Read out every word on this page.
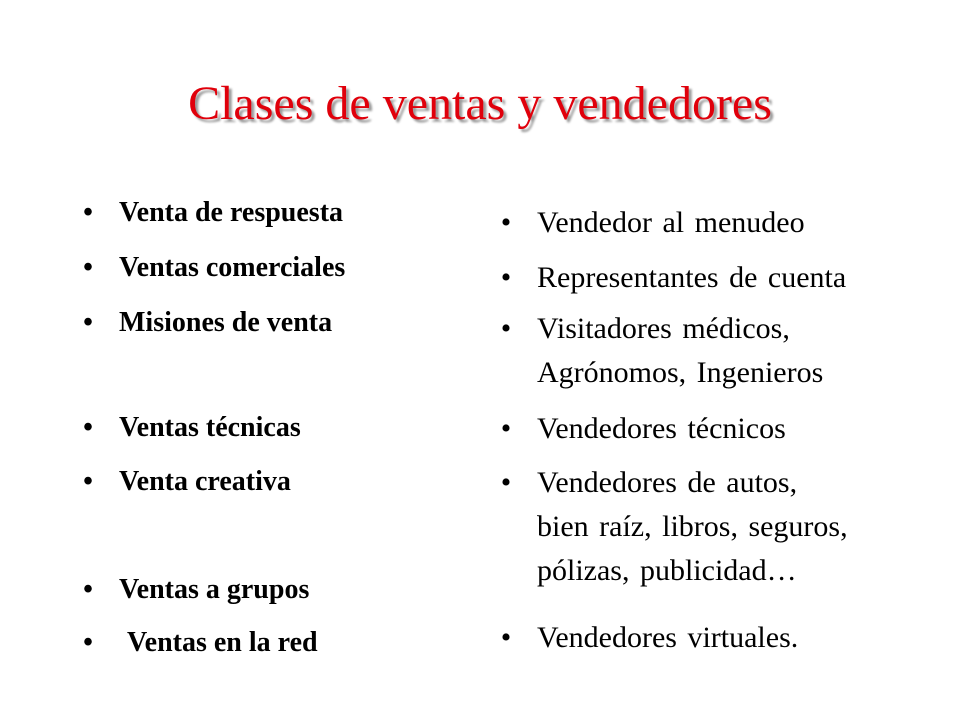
Clases de ventas y vendedores
• Venta de respuesta
• Ventas comerciales
• Misiones de venta
• Ventas técnicas
• Venta creativa
• Ventas a grupos
•	Ventas en la red
• Vendedor al menudeo
• Representantes de cuenta
• Visitadores médicos,
Agrónomos, Ingenieros
• Vendedores técnicos
• Vendedores de autos,
bien raíz, libros, seguros,
pólizas, publicidad…
• Vendedores virtuales.
